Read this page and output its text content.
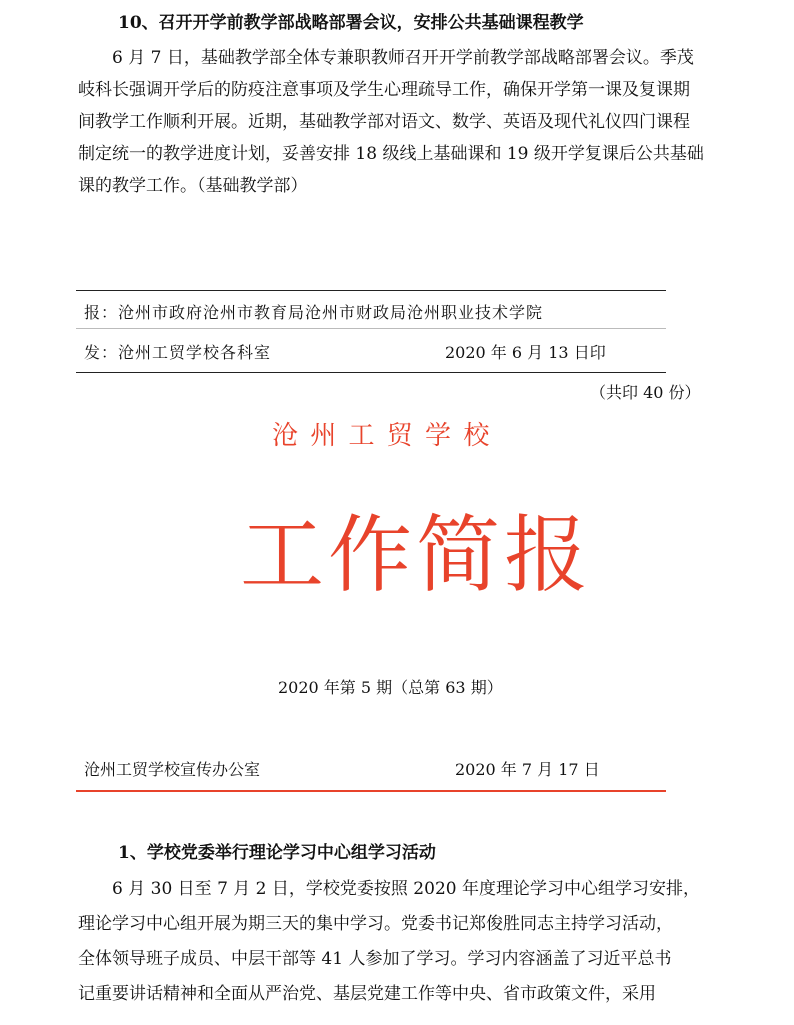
10、召开开学前教学部战略部署会议，安排公共基础课程教学

6 月 7 日，基础教学部全体专兼职教师召开开学前教学部战略部署会议。季茂
岐科长强调开学后的防疫注意事项及学生心理疏导工作，确保开学第一课及复课期
间教学工作顺利开展。近期，基础教学部对语文、数学、英语及现代礼仪四门课程
制定统一的教学进度计划，妥善安排 18 级线上基础课和 19 级开学复课后公共基础
课的教学工作。（基础教学部）

报：沧州市政府沧州市教育局沧州市财政局沧州职业技术学院
发：沧州工贸学校各科室	2020 年 6 月 13 日印
（共印 40 份）
沧 州 工 贸 学 校
工作简报
2020 年第 5 期（总第 63 期）
沧州工贸学校宣传办公室	2020 年 7 月 17 日
1、学校党委举行理论学习中心组学习活动

6 月 30 日至 7 月 2 日，学校党委按照 2020 年度理论学习中心组学习安排，
理论学习中心组开展为期三天的集中学习。党委书记郑俊胜同志主持学习活动，
全体领导班子成员、中层干部等 41 人参加了学习。学习内容涵盖了习近平总书
记重要讲话精神和全面从严治党、基层党建工作等中央、省市政策文件，采用
